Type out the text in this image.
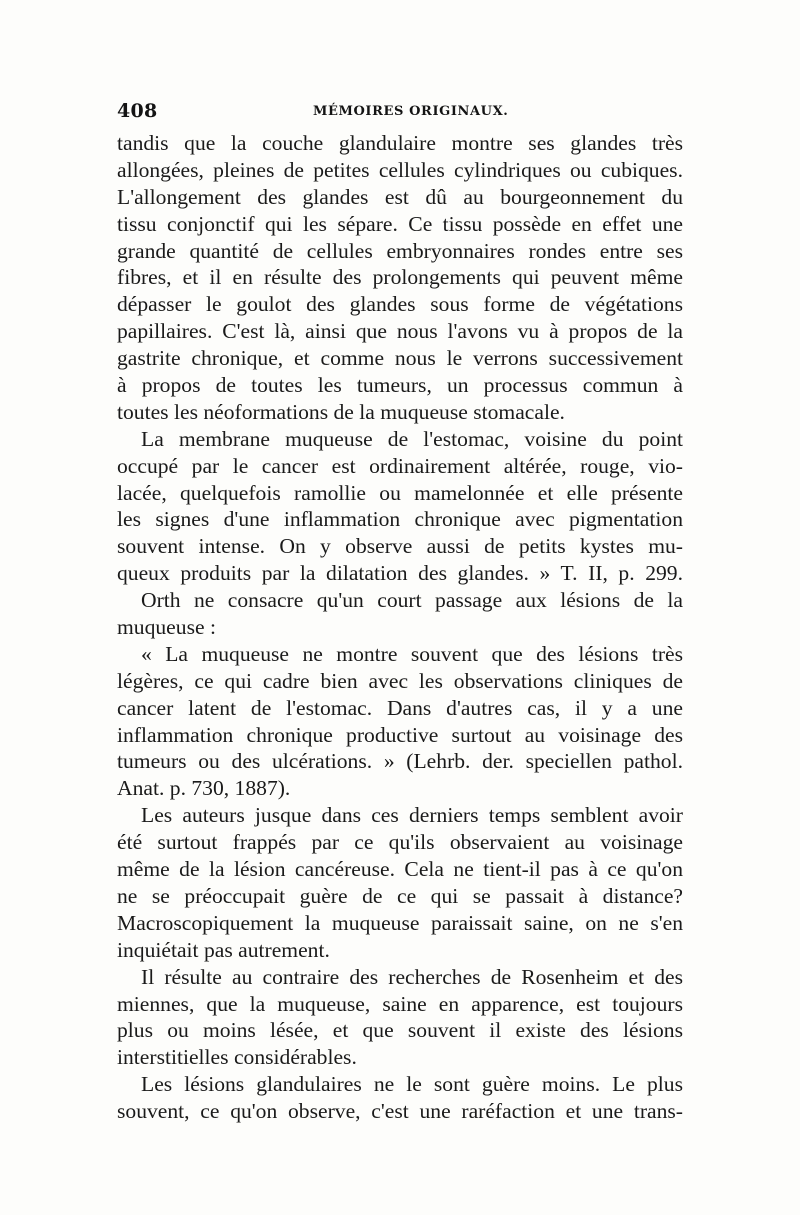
408	MÉMOIRES ORIGINAUX.
tandis que la couche glandulaire montre ses glandes très
allongées, pleines de petites cellules cylindriques ou cubiques.
L'allongement des glandes est dû au bourgeonnement du
tissu conjonctif qui les sépare. Ce tissu possède en effet une
grande quantité de cellules embryonnaires rondes entre ses
fibres, et il en résulte des prolongements qui peuvent même
dépasser le goulot des glandes sous forme de végétations
papillaires. C'est là, ainsi que nous l'avons vu à propos de la
gastrite chronique, et comme nous le verrons successivement
à propos de toutes les tumeurs, un processus commun à
toutes les néoformations de la muqueuse stomacale.
La membrane muqueuse de l'estomac, voisine du point
occupé par le cancer est ordinairement altérée, rouge, vio-
lacée, quelquefois ramollie ou mamelonnée et elle présente
les signes d'une inflammation chronique avec pigmentation
souvent intense. On y observe aussi de petits kystes mu-
queux produits par la dilatation des glandes. » T. II, p. 299.
Orth ne consacre qu'un court passage aux lésions de la
muqueuse :
« La muqueuse ne montre souvent que des lésions très
légères, ce qui cadre bien avec les observations cliniques de
cancer latent de l'estomac. Dans d'autres cas, il y a une
inflammation chronique productive surtout au voisinage des
tumeurs ou des ulcérations. » (Lehrb. der. speciellen pathol.
Anat. p. 730, 1887).
Les auteurs jusque dans ces derniers temps semblent avoir
été surtout frappés par ce qu'ils observaient au voisinage
même de la lésion cancéreuse. Cela ne tient-il pas à ce qu'on
ne se préoccupait guère de ce qui se passait à distance?
Macroscopiquement la muqueuse paraissait saine, on ne s'en
inquiétait pas autrement.
Il résulte au contraire des recherches de Rosenheim et des
miennes, que la muqueuse, saine en apparence, est toujours
plus ou moins lésée, et que souvent il existe des lésions
interstitielles considérables.
Les lésions glandulaires ne le sont guère moins. Le plus
souvent, ce qu'on observe, c'est une raréfaction et une trans-
